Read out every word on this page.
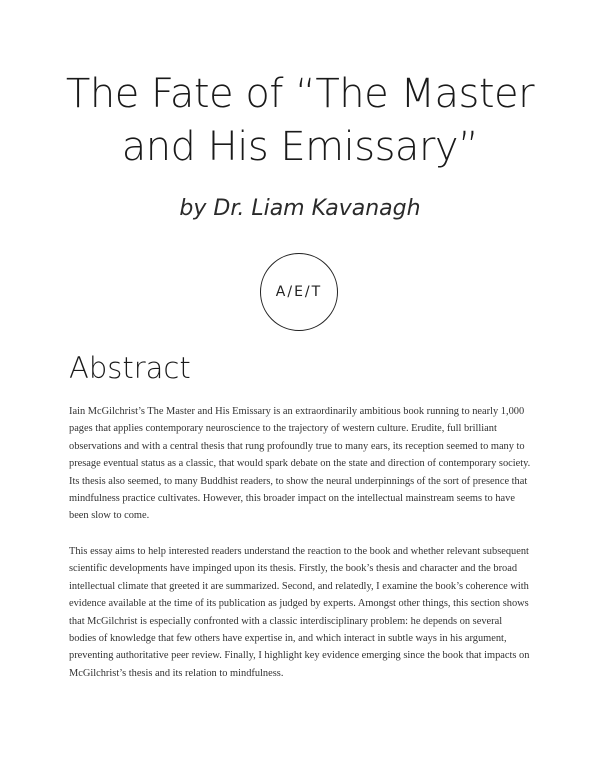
The Fate of “The Master
and His Emissary”
by Dr. Liam Kavanagh
A/E/T
Abstract

Iain McGilchrist’s The Master and His Emissary is an extraordinarily ambitious book running to nearly 1,000 pages that applies contemporary neuroscience to the trajectory of western culture. Erudite, full brilliant observations and with a central thesis that rung profoundly true to many ears, its reception seemed to many to presage eventual status as a classic, that would spark debate on the state and direction of contemporary society. Its thesis also seemed, to many Buddhist readers, to show the neural underpinnings of the sort of presence that mindfulness practice cultivates. However, this broader impact on the intellectual mainstream seems to have been slow to come.

This essay aims to help interested readers understand the reaction to the book and whether relevant subsequent scientific developments have impinged upon its thesis. Firstly, the book’s thesis and character and the broad intellectual climate that greeted it are summarized. Second, and relatedly, I examine the book’s coherence with evidence available at the time of its publication as judged by experts. Amongst other things, this section shows that McGilchrist is especially confronted with a classic interdisciplinary problem: he depends on several bodies of knowledge that few others have expertise in, and which interact in subtle ways in his argument, preventing authoritative peer review. Finally, I highlight key evidence emerging since the book that impacts on McGilchrist’s thesis and its relation to mindfulness.
